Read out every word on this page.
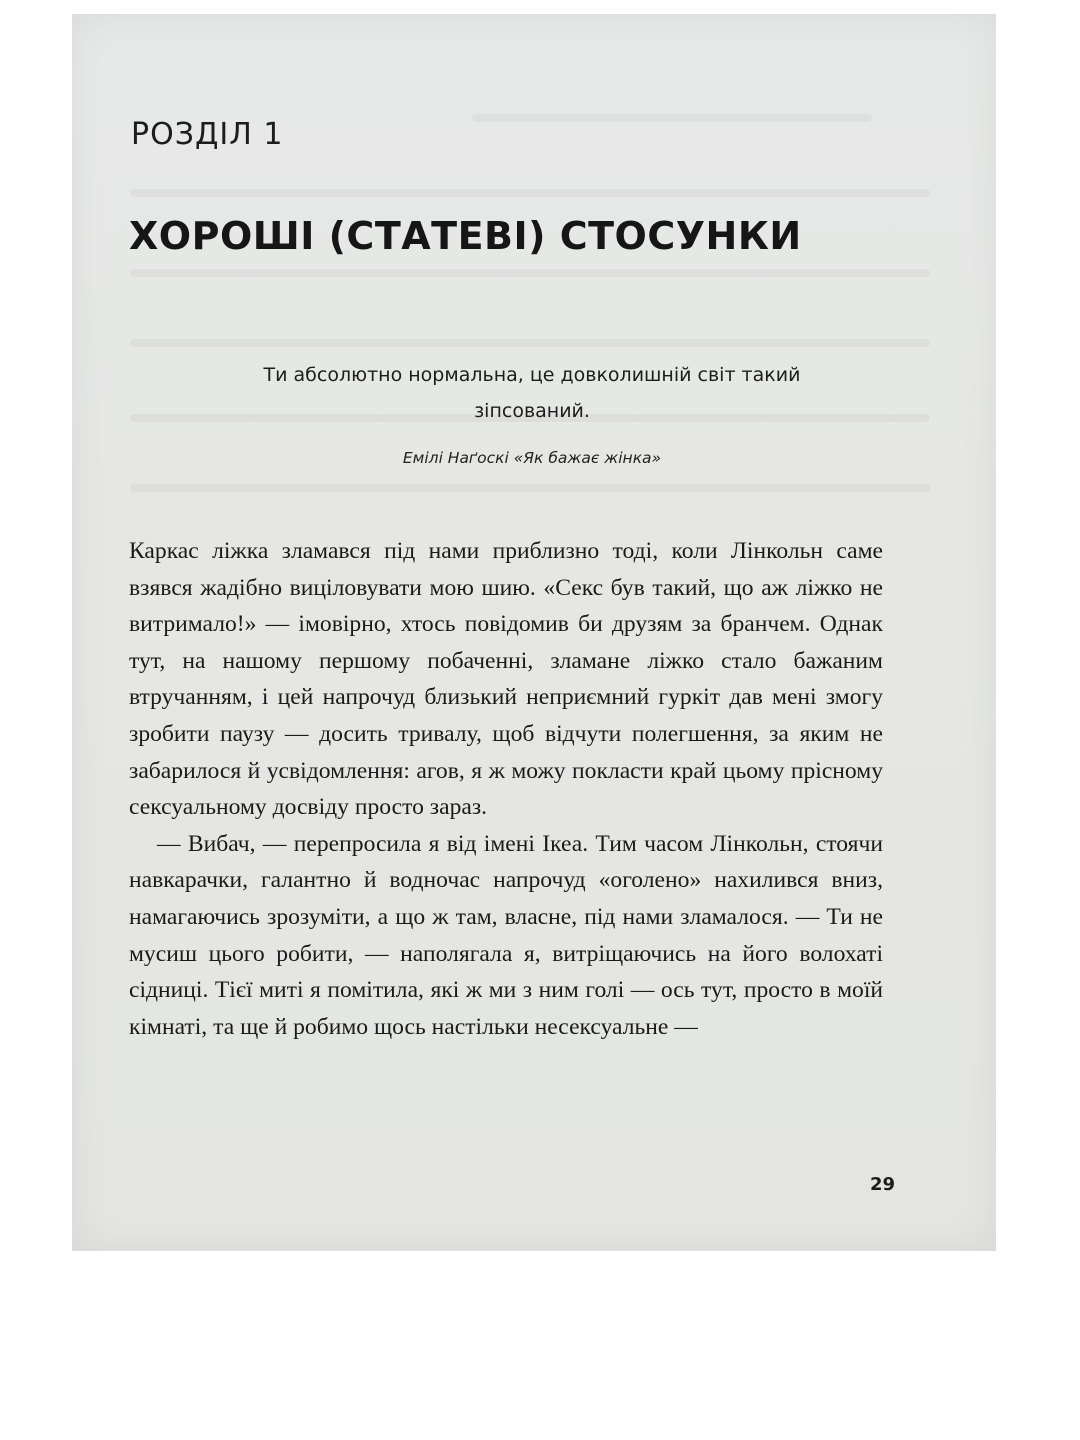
РОЗДІЛ 1
ХОРОШІ (СТАТЕВІ) СТОСУНКИ

Ти абсолютно нормальна, це довколишній світ такий зіпсований.

Емілі Наґоскі «Як бажає жінка»

Каркас ліжка зламався під нами приблизно тоді, коли Лінкольн саме взявся жадібно виціловувати мою шию. «Секс був такий, що аж ліжко не витримало!» — імовірно, хтось повідомив би друзям за бранчем. Однак тут, на нашому першому побаченні, зламане ліжко стало бажаним втручанням, і цей напрочуд близький неприємний гуркіт дав мені змогу зробити паузу — досить тривалу, щоб відчути полегшення, за яким не забарилося й усвідомлення: агов, я ж можу покласти край цьому прісному сексуальному досвіду просто зараз.

— Вибач, — перепросила я від імені Ікеа. Тим часом Лінкольн, стоячи навкарачки, галантно й водночас напрочуд «оголено» нахилився вниз, намагаючись зрозуміти, а що ж там, власне, під нами зламалося. — Ти не мусиш цього робити, — наполягала я, витріщаючись на його волохаті сідниці. Тієї миті я помітила, які ж ми з ним голі — ось тут, просто в моїй кімнаті, та ще й робимо щось настільки несексуальне —

29
